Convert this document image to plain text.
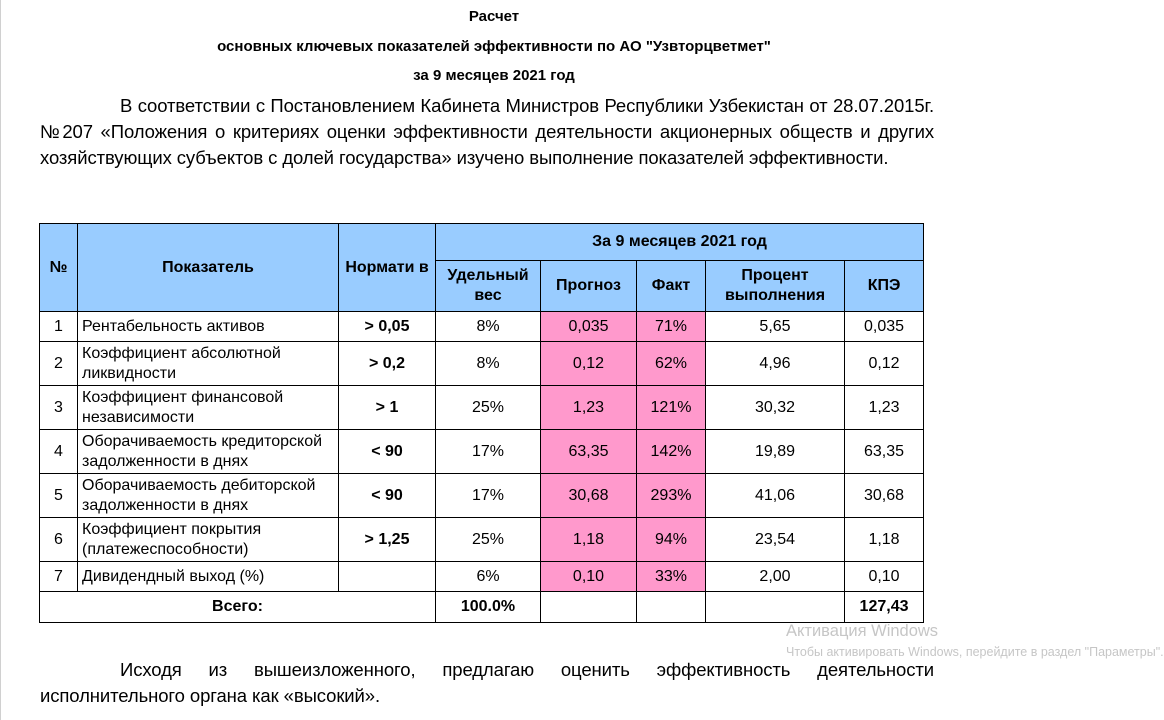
Расчет
основных ключевых показателей эффективности по АО "Узвторцветмет"
за 9 месяцев 2021 год
В соответствии с Постановлением Кабинета Министров Республики Узбекистан от 28.07.2015г. №207 «Положения о критериях оценки эффективности деятельности акционерных обществ и других хозяйствующих субъектов с долей государства» изучено выполнение показателей эффективности.
№	Показатель	Нормати в	За 9 месяцев 2021 год				
			Удельный вес	Прогноз	Факт	Процент выполнения	КПЭ
1	Рентабельность активов	> 0,05	8%	0,035	71%	5,65	0,035
2	Коэффициент абсолютной ликвидности	> 0,2	8%	0,12	62%	4,96	0,12
3	Коэффициент финансовой независимости	> 1	25%	1,23	121%	30,32	1,23
4	Оборачиваемость кредиторской задолженности в днях	< 90	17%	63,35	142%	19,89	63,35
5	Оборачиваемость дебиторской задолженности в днях	< 90	17%	30,68	293%	41,06	30,68
6	Коэффициент покрытия (платежеспособности)	> 1,25	25%	1,18	94%	23,54	1,18
7	Дивидендный выход (%)		6%	0,10	33%	2,00	0,10
Всего:			100.0%				127,43
Исходя из вышеизложенного, предлагаю оценить эффективность деятельности исполнительного органа как «высокий».
Активация Windows
Чтобы активировать Windows, перейдите в раздел "Параметры".
